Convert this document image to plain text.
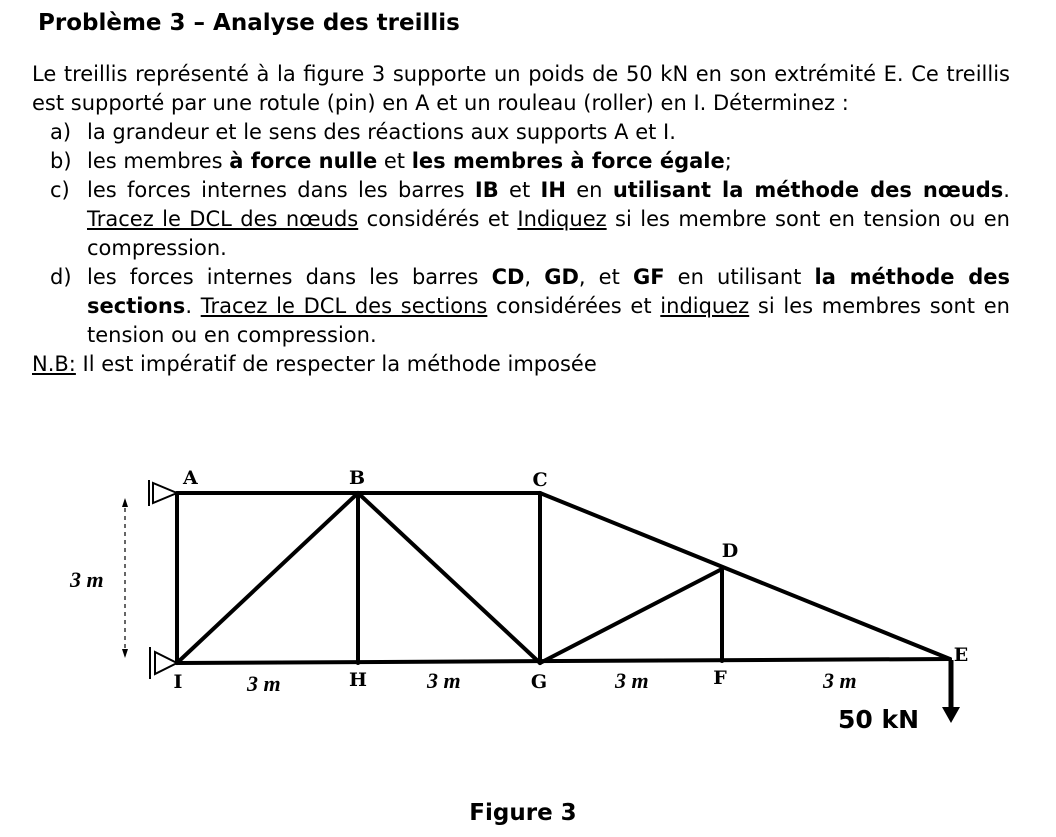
Problème 3 – Analyse des treillis
Le treillis représenté à la figure 3 supporte un poids de 50 kN en son extrémité E. Ce treillis est supporté par une rotule (pin) en A et un rouleau (roller) en I. Déterminez :
a) la grandeur et le sens des réactions aux supports A et I.
b) les membres à force nulle et les membres à force égale;
c) les forces internes dans les barres IB et IH en utilisant la méthode des nœuds. Tracez le DCL des nœuds considérés et Indiquez si les membre sont en tension ou en compression.
d) les forces internes dans les barres CD, GD, et GF en utilisant la méthode des sections. Tracez le DCL des sections considérées et indiquez si les membres sont en tension ou en compression.
N.B: Il est impératif de respecter la méthode imposée
A	B	C
D
E
F
G
H
I
3 m
3 m	3 m	3 m	3 m
50 kN
Figure 3
